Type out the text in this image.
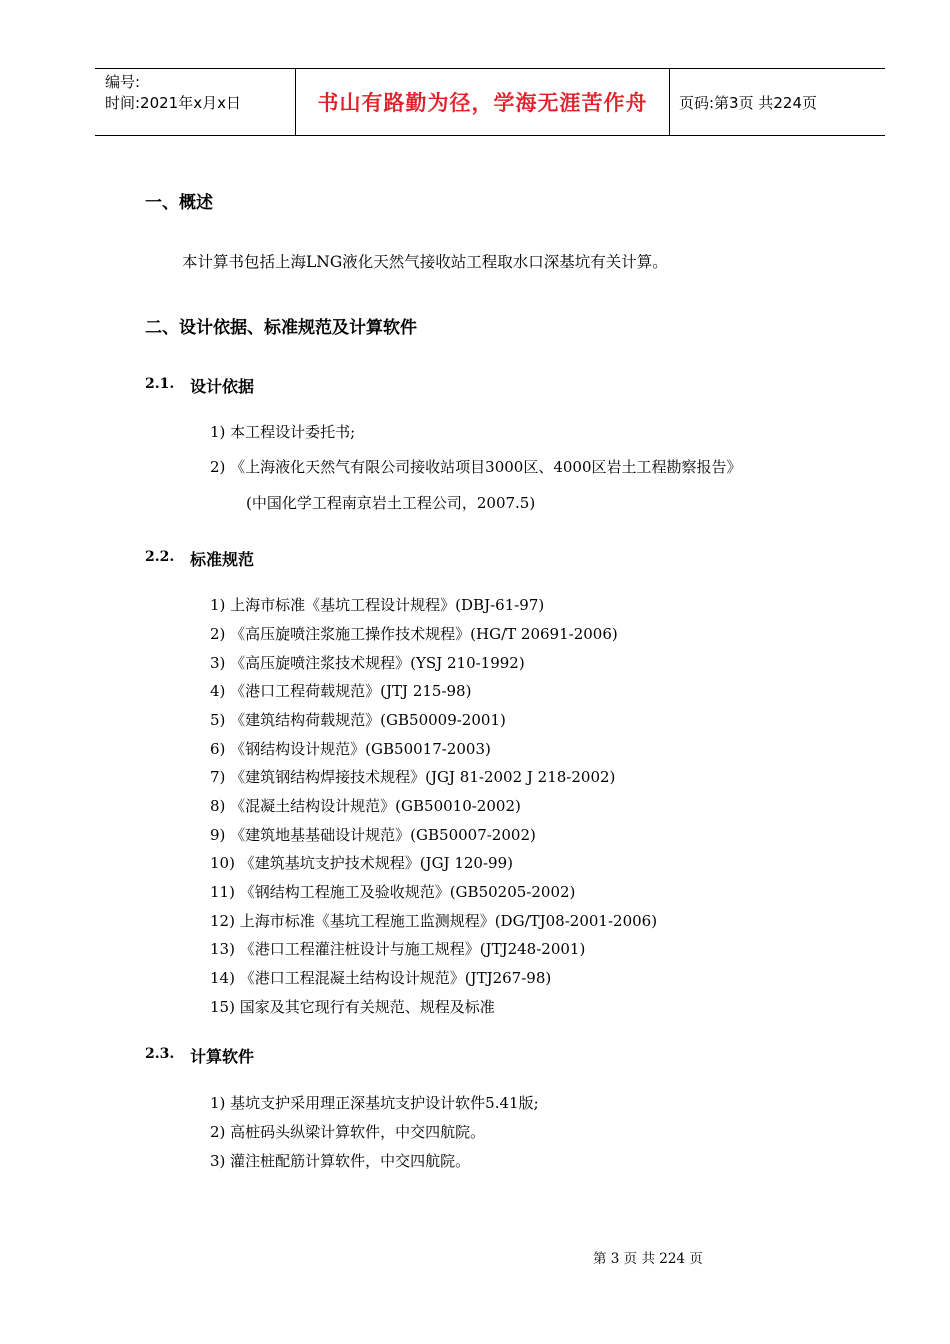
编号:
时间:2021年x月x日	书山有路勤为径，学海无涯苦作舟	页码:第3页 共224页
一、概述
本计算书包括上海LNG液化天然气接收站工程取水口深基坑有关计算。
二、设计依据、标准规范及计算软件
2.1. 设计依据
1) 本工程设计委托书;
2) 《上海液化天然气有限公司接收站项目3000区、4000区岩土工程勘察报告》
(中国化学工程南京岩土工程公司，2007.5)
2.2. 标准规范
1) 上海市标准《基坑工程设计规程》(DBJ-61-97)
2) 《高压旋喷注浆施工操作技术规程》(HG/T 20691-2006)
3) 《高压旋喷注浆技术规程》(YSJ 210-1992)
4) 《港口工程荷载规范》(JTJ 215-98)
5) 《建筑结构荷载规范》(GB50009-2001)
6) 《钢结构设计规范》(GB50017-2003)
7) 《建筑钢结构焊接技术规程》(JGJ 81-2002 J 218-2002)
8) 《混凝土结构设计规范》(GB50010-2002)
9) 《建筑地基基础设计规范》(GB50007-2002)
10) 《建筑基坑支护技术规程》(JGJ 120-99)
11) 《钢结构工程施工及验收规范》(GB50205-2002)
12) 上海市标准《基坑工程施工监测规程》(DG/TJ08-2001-2006)
13) 《港口工程灌注桩设计与施工规程》(JTJ248-2001)
14) 《港口工程混凝土结构设计规范》(JTJ267-98)
15) 国家及其它现行有关规范、规程及标准
2.3. 计算软件
1) 基坑支护采用理正深基坑支护设计软件5.41版;
2) 高桩码头纵梁计算软件，中交四航院。
3) 灌注桩配筋计算软件，中交四航院。
第 3 页 共 224 页
